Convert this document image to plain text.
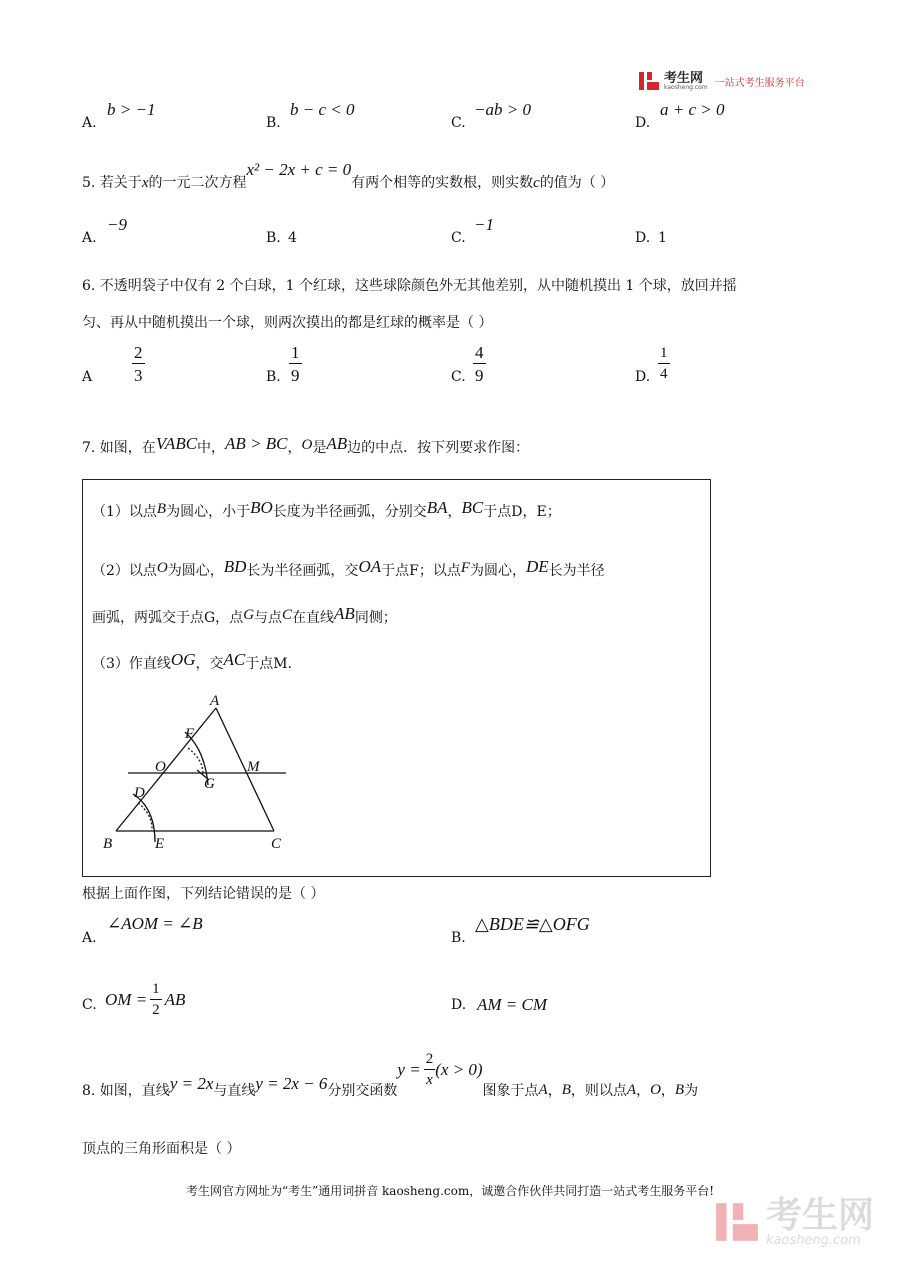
考生网
kaosheng.com 一站式考生服务平台
A.
b > −1
B.
b − c < 0
C.
−ab > 0
D.
a + c > 0
5. 若关于x的一元二次方程x² − 2x + c = 0有两个相等的实数根，则实数c的值为（ ）
A.
−9
B. 4	C.
−1
D. 1
6. 不透明袋子中仅有 2 个白球，1 个红球，这些球除颜色外无其他差别，从中随机摸出 1 个球，放回并摇
匀、再从中随机摸出一个球，则两次摸出的都是红球的概率是（ ）
A $\frac{2}{3}$	B. $\frac{1}{9}$	C. $\frac{4}{9}$	D. $\frac{1}{4}$
7. 如图，在VABC中，AB > BC，O是AB边的中点．按下列要求作图：
（1）以点B为圆心，小于BO长度为半径画弧，分别交BA，BC于点D，E；
（2）以点O为圆心，BD长为半径画弧，交OA于点F；以点F为圆心，DE长为半径
画弧，两弧交于点G，点G与点C在直线AB同侧；
（3）作直线OG，交AC于点M.
A
B	C
D
E
F
G
O	M
根据上面作图，下列结论错误的是（ ）
A.
∠AOM = ∠B
B.
△BDE≌△OFG
C. OM = $\frac{1}{2}$ AB	D. AM = CM
8. 如图，直线 y = 2x 与直线 y = 2x − 6 分别交函数
$y = \frac{2}{x} (x > 0)$
图象于点 A ， B ，则以点 A ， O ， B 为
顶点的三角形面积是（ ）
考生网官方网址为“考生”通用词拼音 kaosheng.com，诚邀合作伙伴共同打造一站式考生服务平台!
考生网
kaosheng.com
